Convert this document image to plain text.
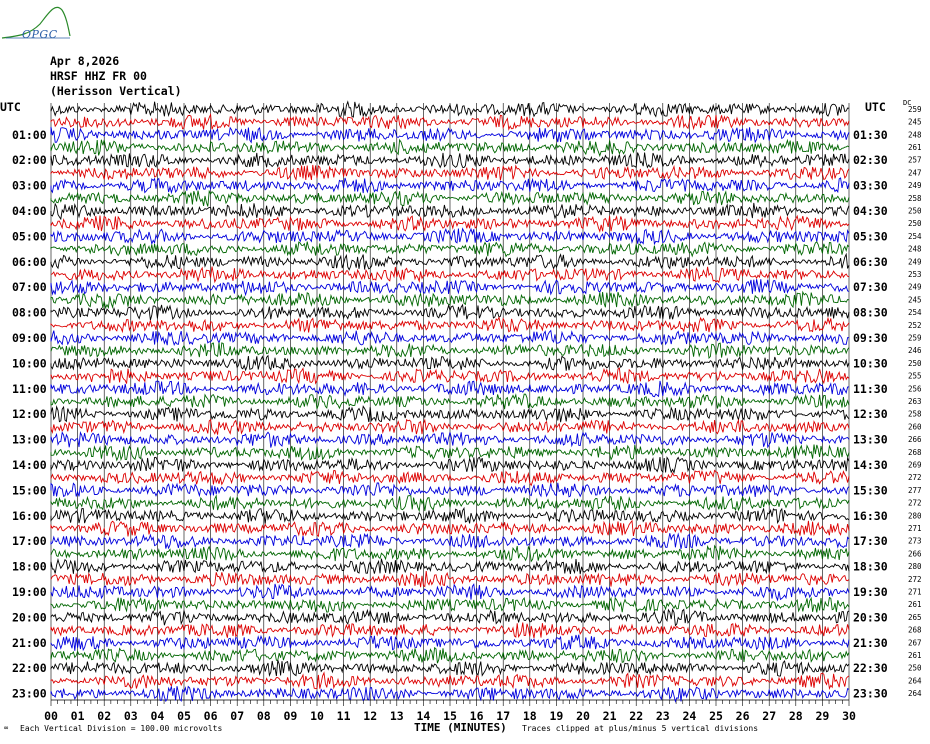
OPGC
Apr 8,2026
HRSF HHZ FR 00
(Herisson Vertical)
259
245
248
261
257
247
249
258
250
250
254
248
249
253
249
245
254
252
259
246
250
255
256
263
258
260
266
268
269
272
277
272
280
271
273
266
280
272
271
261
265
268
267
261
250
264
264
UTC	UTC DC
01:00
02:00
03:00
04:00
05:00
06:00
07:00
08:00
09:00
10:00
11:00
12:00
13:00
14:00
15:00
16:00
17:00
18:00
19:00
20:00
21:00
22:00
23:00
01:30
02:30
03:30
04:30
05:30
06:30
07:30
08:30
09:30
10:30
11:30
12:30
13:30
14:30
15:30
16:30
17:30
18:30
19:30
20:30
21:30
22:30
23:30
00 01 02 03 04 05 06 07 08 09 10 11 12 13 14 15 16 17 18 19 20 21 22 23 24 25 26 27 28 29 30
TIME (MINUTES)
∞ Each Vertical Division = 100.00 microvolts	Traces clipped at plus/minus 5 vertical divisions
